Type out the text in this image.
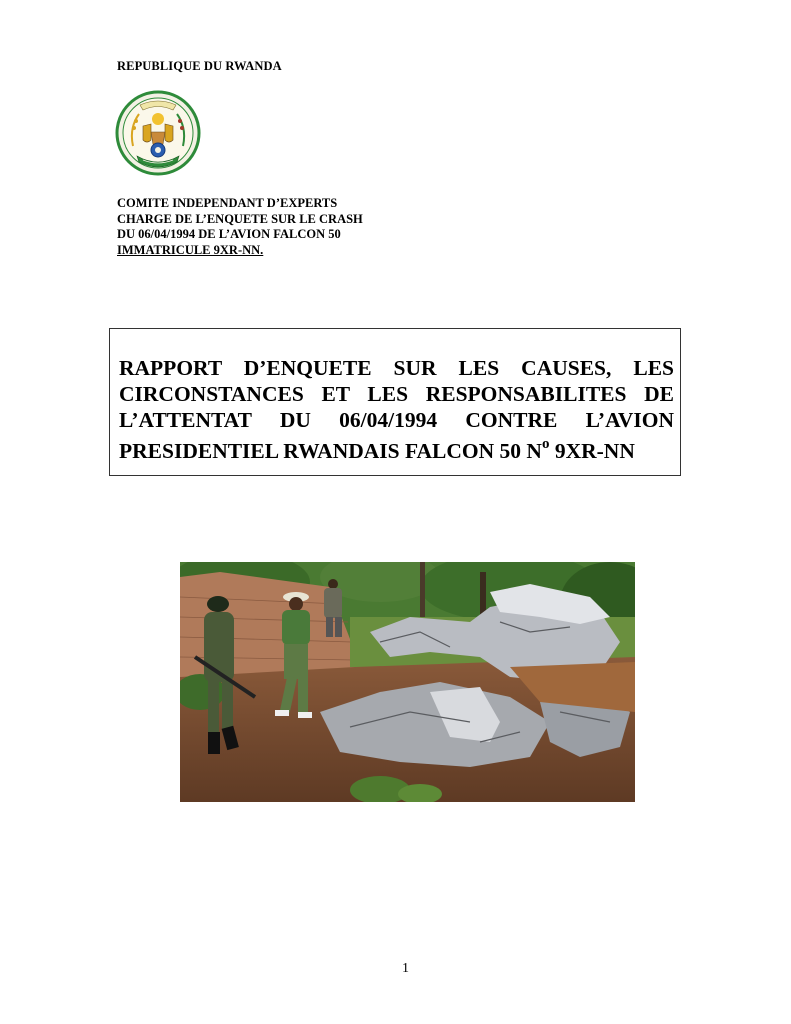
REPUBLIQUE DU RWANDA
COMITE INDEPENDANT D’EXPERTS
CHARGE DE L’ENQUETE SUR LE CRASH
DU 06/04/1994 DE L’AVION FALCON 50
IMMATRICULE 9XR-NN.
RAPPORT D’ENQUETE SUR LES CAUSES, LES
CIRCONSTANCES ET LES RESPONSABILITES DE
L’ATTENTAT DU 06/04/1994 CONTRE L’AVION
PRESIDENTIEL RWANDAIS FALCON 50 $N^o$ 9XR-NN
1
